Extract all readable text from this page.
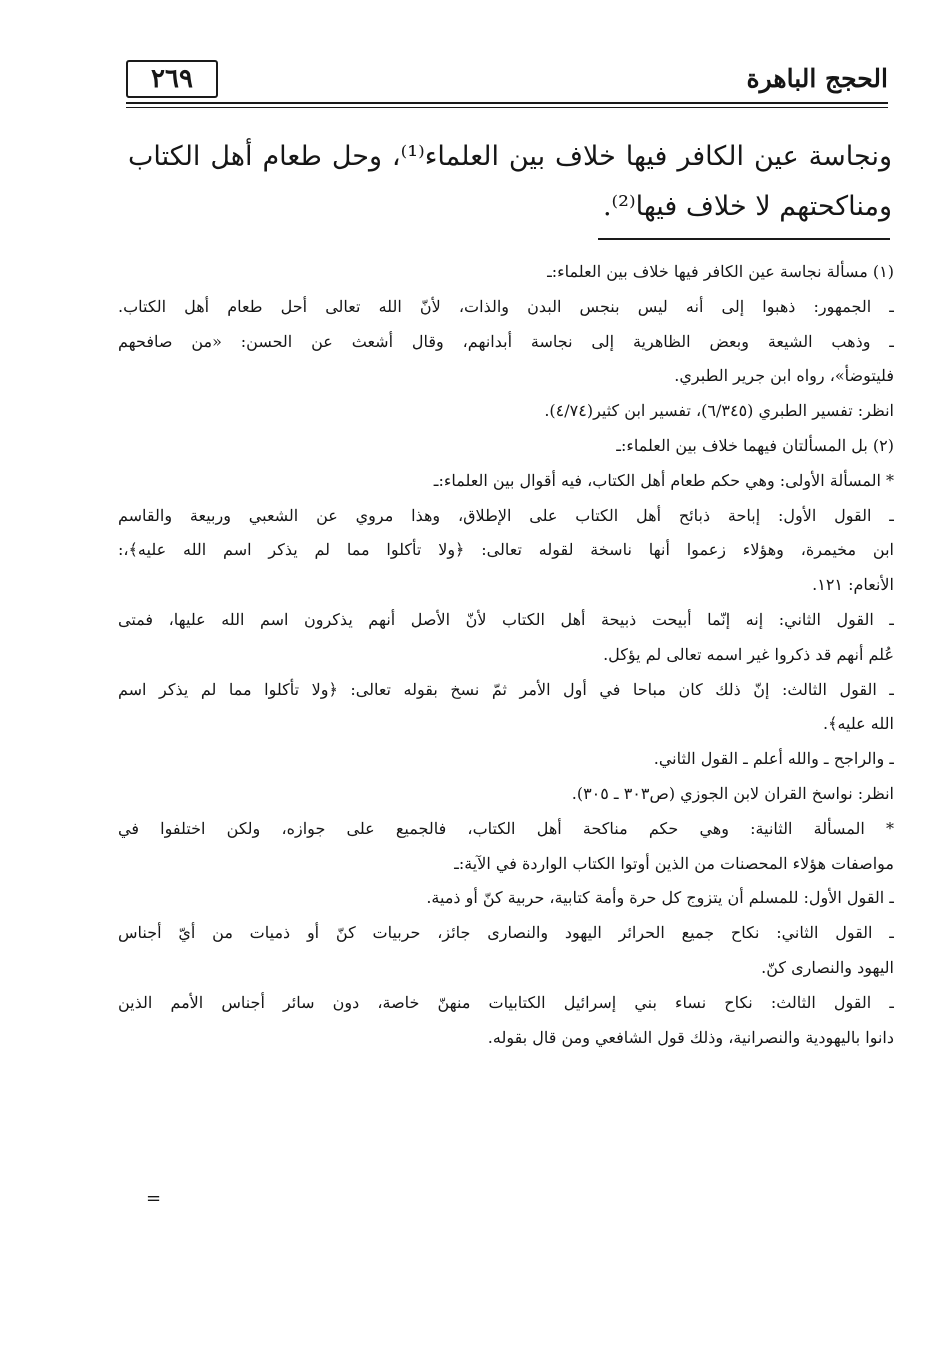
٢٦٩	الحجج الباهرة
ونجاسة عين الكافر فيها خلاف بين العلماء⁽¹⁾، وحل طعام أهل الكتاب
ومناكحتهم لا خلاف فيها⁽²⁾.
(١) مسألة نجاسة عين الكافر فيها خلاف بين العلماء:ـ
ـ الجمهور: ذهبوا إلى أنه ليس بنجس البدن والذات، لأنّ الله تعالى أحل طعام أهل الكتاب.
ـ وذهب الشيعة وبعض الظاهرية إلى نجاسة أبدانهم، وقال أشعث عن الحسن: «من صافحهم
فليتوضأ»، رواه ابن جرير الطبري.
انظر: تفسير الطبري (٦/٣٤٥)، تفسير ابن كثير(٤/٧٤).
(٢) بل المسألتان فيهما خلاف بين العلماء:ـ
* المسألة الأولى: وهي حكم طعام أهل الكتاب، فيه أقوال بين العلماء:ـ
ـ القول الأول: إباحة ذبائح أهل الكتاب على الإطلاق، وهذا مروي عن الشعبي وربيعة والقاسم
ابن مخيمرة، وهؤلاء زعموا أنها ناسخة لقوله تعالى: ﴿ولا تأكلوا مما لم يذكر اسم الله عليه﴾،:
الأنعام: ١٢١.
ـ القول الثاني: إنه إنّما أبيحت ذبيحة أهل الكتاب لأنّ الأصل أنهم يذكرون اسم الله عليها، فمتى
عُلم أنهم قد ذكروا غير اسمه تعالى لم يؤكل.
ـ القول الثالث: إنّ ذلك كان مباحا في أول الأمر ثمّ نسخ بقوله تعالى: ﴿ولا تأكلوا مما لم يذكر اسم
الله عليه﴾.
ـ والراجح ـ والله أعلم ـ القول الثاني.
انظر: نواسخ القران لابن الجوزي (ص٣٠٣ ـ ٣٠٥).
* المسألة الثانية: وهي حكم مناكحة أهل الكتاب، فالجميع على جوازه، ولكن اختلفوا في
مواصفات هؤلاء المحصنات من الذين أوتوا الكتاب الواردة في الآية:ـ
ـ القول الأول: للمسلم أن يتزوج كل حرة وأمة كتابية، حربية كنّ أو ذمية.
ـ القول الثاني: نكاح جميع الحرائر اليهود والنصارى جائز، حربيات كنّ أو ذميات من أيّ أجناس
اليهود والنصارى كنّ.
ـ القول الثالث: نكاح نساء بني إسرائيل الكتابيات منهنّ خاصة، دون سائر أجناس الأمم الذين
دانوا باليهودية والنصرانية، وذلك قول الشافعي ومن قال بقوله.
=
